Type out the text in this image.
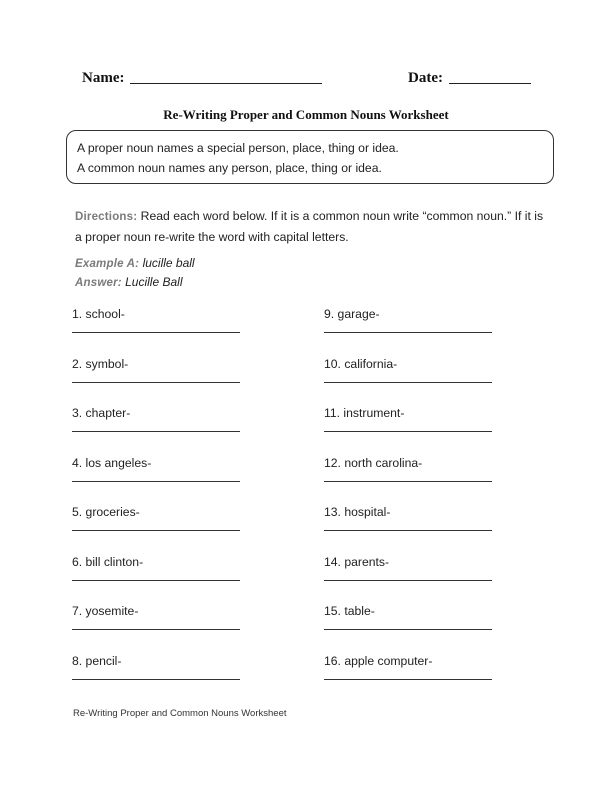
Name:	Date:
Re-Writing Proper and Common Nouns Worksheet
A proper noun names a special person, place, thing or idea.
A common noun names any person, place, thing or idea.
Directions: Read each word below. If it is a common noun write “common noun.” If it is a proper noun re-write the word with capital letters.
Example A: lucille ball
Answer: Lucille Ball
1. school-
2. symbol-
3. chapter-
4. los angeles-
5. groceries-
6. bill clinton-
7. yosemite-
8. pencil-
9. garage-
10. california-
11. instrument-
12. north carolina-
13. hospital-
14. parents-
15. table-
16. apple computer-
Re-Writing Proper and Common Nouns Worksheet
